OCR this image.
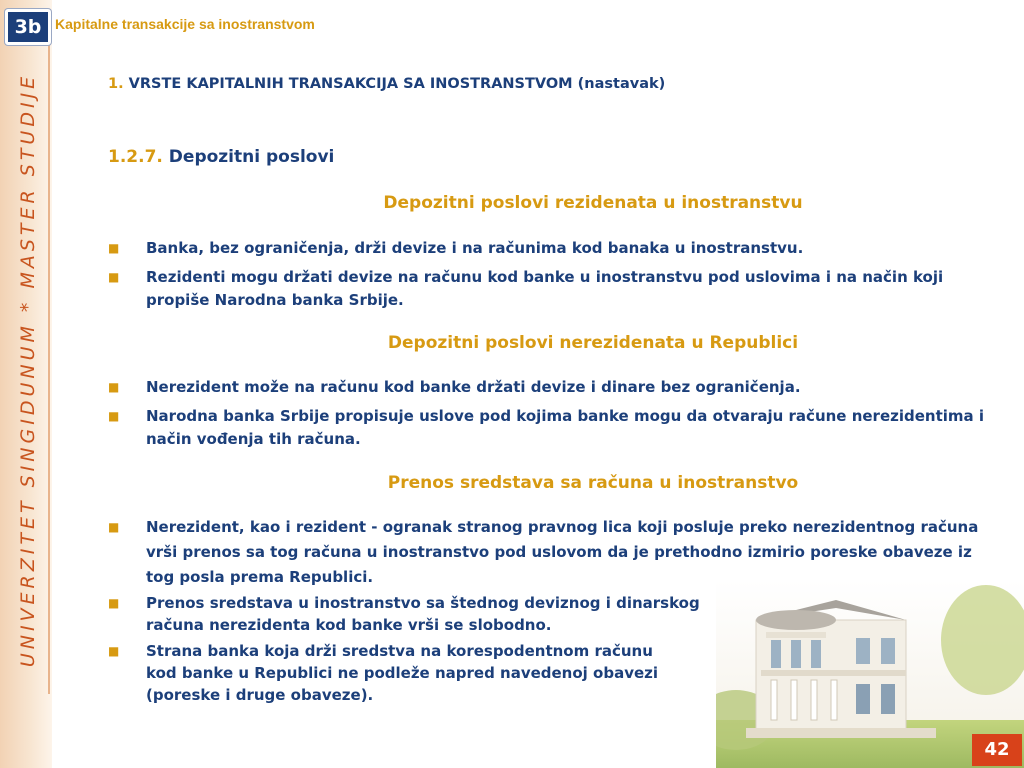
3b
UNIVERZITET SINGIDUNUM * MASTER STUDIJE
Kapitalne transakcije sa inostranstvom
1. VRSTE KAPITALNIH TRANSAKCIJA SA INOSTRANSTVOM (nastavak)
1.2.7. Depozitni poslovi
Depozitni poslovi rezidenata u inostranstvu
■ Banka, bez ograničenja, drži devize i na računima kod banaka u inostranstvu.
■ Rezidenti mogu držati devize na računu kod banke u inostranstvu pod uslovima i na način koji propiše Narodna banka Srbije.
Depozitni poslovi nerezidenata u Republici
■ Nerezident može na računu kod banke držati devize i dinare bez ograničenja.
■ Narodna banka Srbije propisuje uslove pod kojima banke mogu da otvaraju račune nerezidentima i način vođenja tih računa.
Prenos sredstava sa računa u inostranstvo
■ Nerezident, kao i rezident - ogranak stranog pravnog lica koji posluje preko nerezidentnog računa vrši prenos sa tog računa u inostranstvo pod uslovom da je prethodno izmirio poreske obaveze iz tog posla prema Republici.
■ Prenos sredstava u inostranstvo sa štednog deviznog i dinarskog računa nerezidenta kod banke vrši se slobodno.
■ Strana banka koja drži sredstva na korespodentnom računu kod banke u Republici ne podleže napred navedenoj obavezi (poreske i druge obaveze).
42
